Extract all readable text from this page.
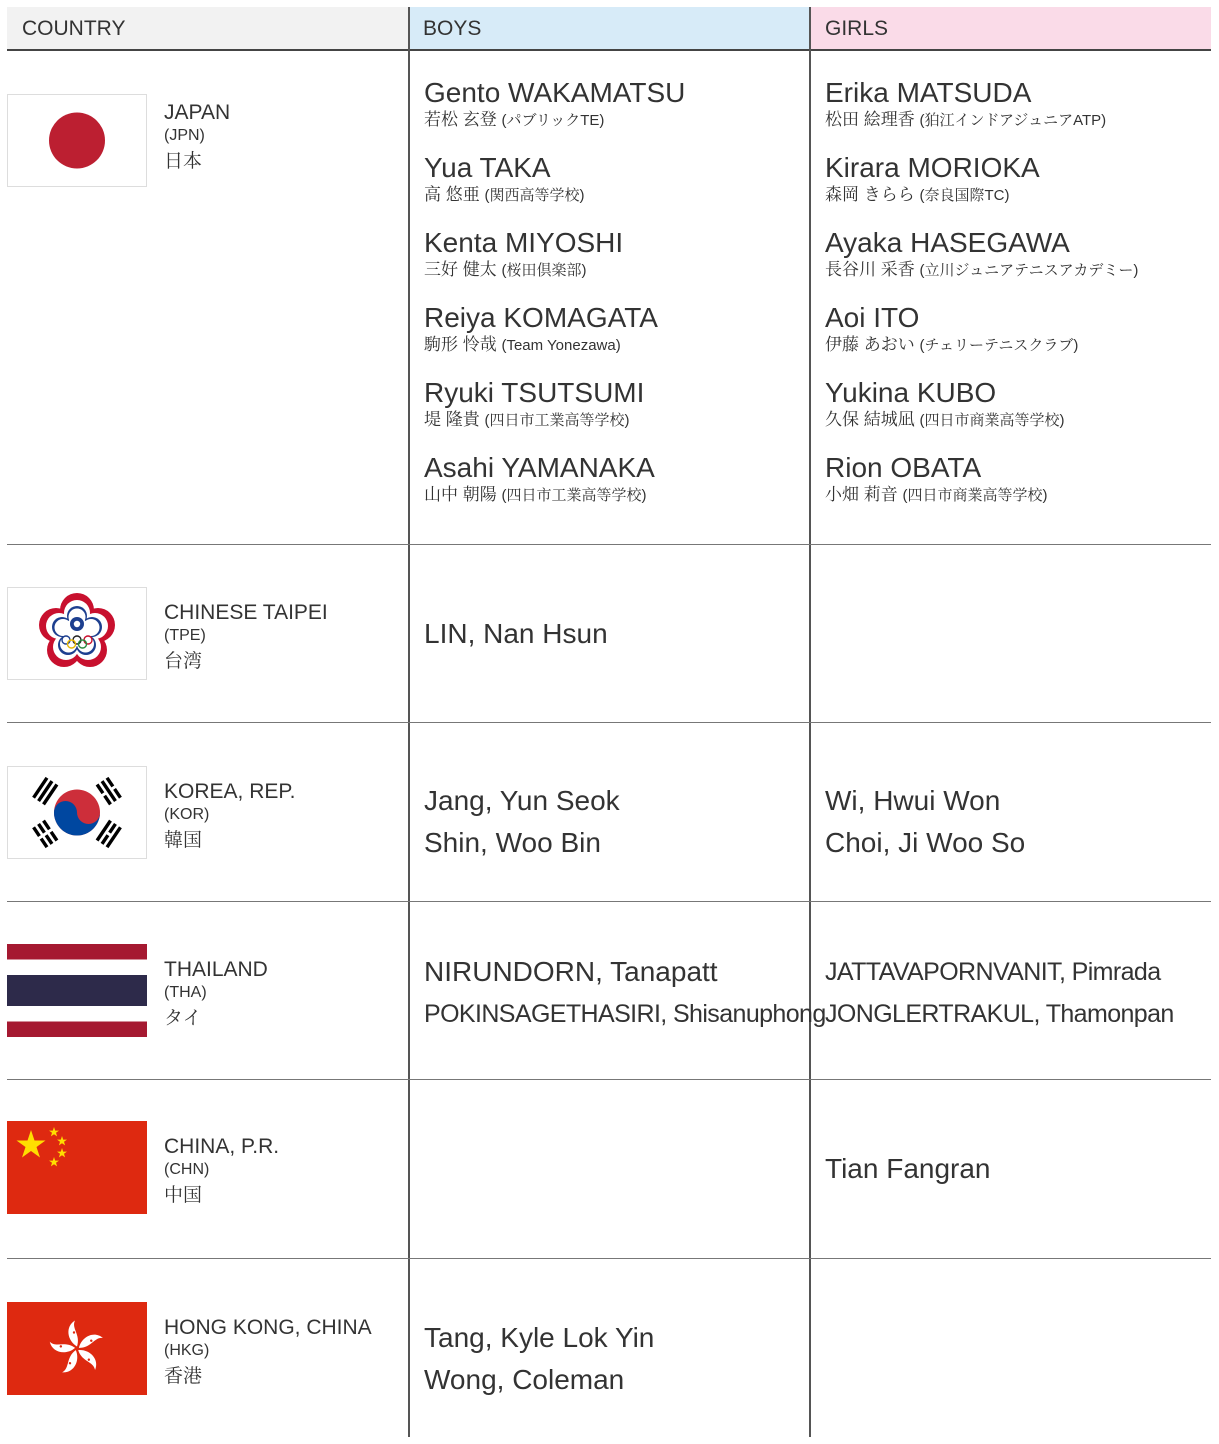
COUNTRY	BOYS	GIRLS
JAPAN
(JPN)
日本
Gento WAKAMATSU
若松 玄登 (パブリックTE)
Yua TAKA
高 悠亜 (関西高等学校)
Kenta MIYOSHI
三好 健太 (桜田倶楽部)
Reiya KOMAGATA
駒形 怜哉 (Team Yonezawa)
Ryuki TSUTSUMI
堤 隆貴 (四日市工業高等学校)
Asahi YAMANAKA
山中 朝陽 (四日市工業高等学校)
Erika MATSUDA
松田 絵理香 (狛江インドアジュニアATP)
Kirara MORIOKA
森岡 きらら (奈良国際TC)
Ayaka HASEGAWA
長谷川 采香 (立川ジュニアテニスアカデミー)
Aoi ITO
伊藤 あおい (チェリーテニスクラブ)
Yukina KUBO
久保 結城凪 (四日市商業高等学校)
Rion OBATA
小畑 莉音 (四日市商業高等学校)
CHINESE TAIPEI
(TPE)
台湾
LIN, Nan Hsun
KOREA, REP.
(KOR)
韓国
Jang, Yun Seok
Shin, Woo Bin
Wi, Hwui Won
Choi, Ji Woo So
THAILAND
(THA)
タイ
NIRUNDORN, Tanapatt
POKINSAGETHASIRI, Shisanuphong
JATTAVAPORNVANIT, Pimrada
JONGLERTRAKUL, Thamonpan
CHINA, P.R.
(CHN)
中国
Tian Fangran
HONG KONG, CHINA
(HKG)
香港
Tang, Kyle Lok Yin
Wong, Coleman
